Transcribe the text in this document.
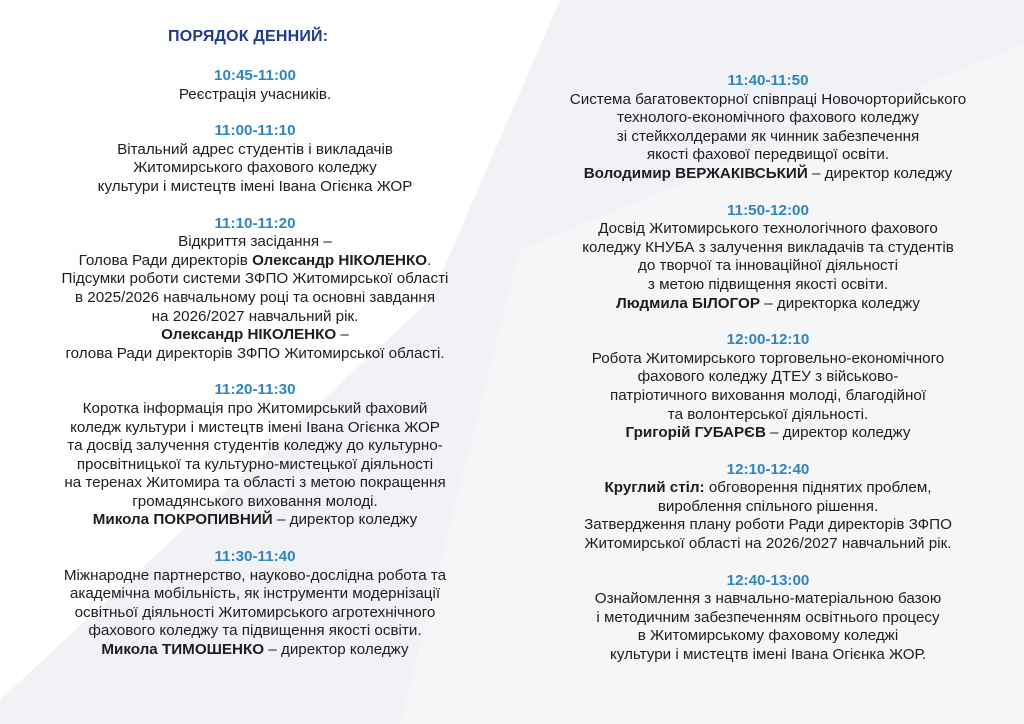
ПОРЯДОК ДЕННИЙ:
10:45-11:00
Реєстрація учасників.
11:00-11:10
Вітальний адрес студентів і викладачів
Житомирського фахового коледжу
культури і мистецтв імені Івана Огієнка ЖОР
11:10-11:20
Відкриття засідання –
Голова Ради директорів Олександр НІКОЛЕНКО.
Підсумки роботи системи ЗФПО Житомирської області
в 2025/2026 навчальному році та основні завдання
на 2026/2027 навчальний рік.
Олександр НІКОЛЕНКО –
голова Ради директорів ЗФПО Житомирської області.
11:20-11:30
Коротка інформація про Житомирський фаховий
коледж культури і мистецтв імені Івана Огієнка ЖОР
та досвід залучення студентів коледжу до культурно-
просвітницької та культурно-мистецької діяльності
на теренах Житомира та області з метою покращення
громадянського виховання молоді.
Микола ПОКРОПИВНИЙ – директор коледжу
11:30-11:40
Міжнародне партнерство, науково-дослідна робота та
академічна мобільність, як інструменти модернізації
освітньої діяльності Житомирського агротехнічного
фахового коледжу та підвищення якості освіти.
Микола ТИМОШЕНКО – директор коледжу
11:40-11:50
Система багатовекторної співпраці Новочорторийського
технолого-економічного фахового коледжу
зі стейкхолдерами як чинник забезпечення
якості фахової передвищої освіти.
Володимир ВЕРЖАКІВСЬКИЙ – директор коледжу
11:50-12:00
Досвід Житомирського технологічного фахового
коледжу КНУБА з залучення викладачів та студентів
до творчої та інноваційної діяльності
з метою підвищення якості освіти.
Людмила БІЛОГОР – директорка коледжу
12:00-12:10
Робота Житомирського торговельно-економічного
фахового коледжу ДТЕУ з військово-
патріотичного виховання молоді, благодійної
та волонтерської діяльності.
Григорій ГУБАРЄВ – директор коледжу
12:10-12:40
Круглий стіл: обговорення піднятих проблем,
вироблення спільного рішення.
Затвердження плану роботи Ради директорів ЗФПО
Житомирської області на 2026/2027 навчальний рік.
12:40-13:00
Ознайомлення з навчально-матеріальною базою
і методичним забезпеченням освітнього процесу
в Житомирському фаховому коледжі
культури і мистецтв імені Івана Огієнка ЖОР.
